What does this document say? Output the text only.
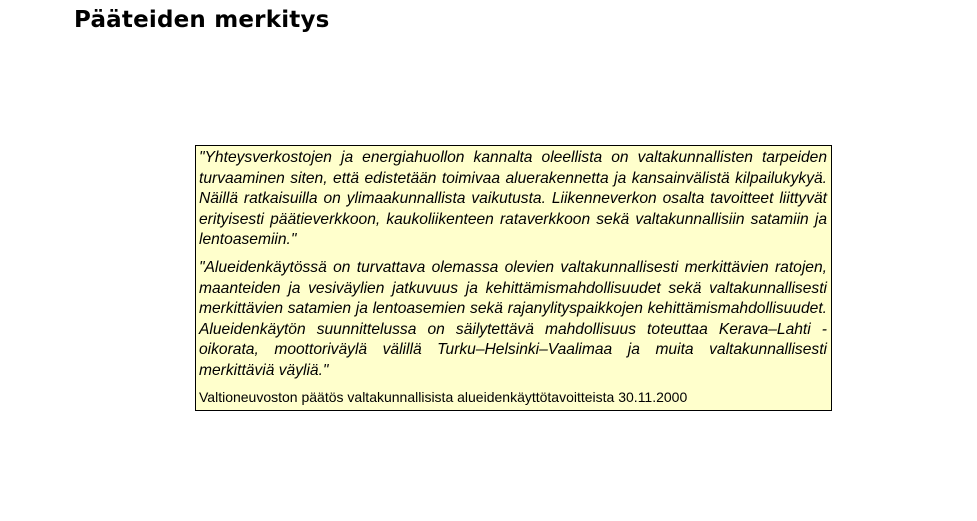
Pääteiden merkitys

"Yhteysverkostojen ja energiahuollon kannalta oleellista on valtakunnallisten tarpeiden turvaaminen siten, että edistetään toimivaa aluerakennetta ja kansainvälistä kilpailukykyä. Näillä ratkaisuilla on ylimaakunnallista vaikutusta. Liikenneverkon osalta tavoitteet liittyvät erityisesti päätieverkkoon, kaukoliikenteen rataverkkoon sekä valtakunnallisiin satamiin ja lentoasemiin."

"Alueidenkäytössä on turvattava olemassa olevien valtakunnallisesti merkittävien ratojen, maanteiden ja vesiväylien jatkuvuus ja kehittämismahdollisuudet sekä valtakunnallisesti merkittävien satamien ja lentoasemien sekä rajanylityspaikkojen kehittämismahdollisuudet. Alueidenkäytön suunnittelussa on säilytettävä mahdollisuus toteuttaa Kerava–Lahti -oikorata, moottoriväylä välillä Turku–Helsinki–Vaalimaa ja muita valtakunnallisesti merkittäviä väyliä."

Valtioneuvoston päätös valtakunnallisista alueidenkäyttötavoitteista 30.11.2000
